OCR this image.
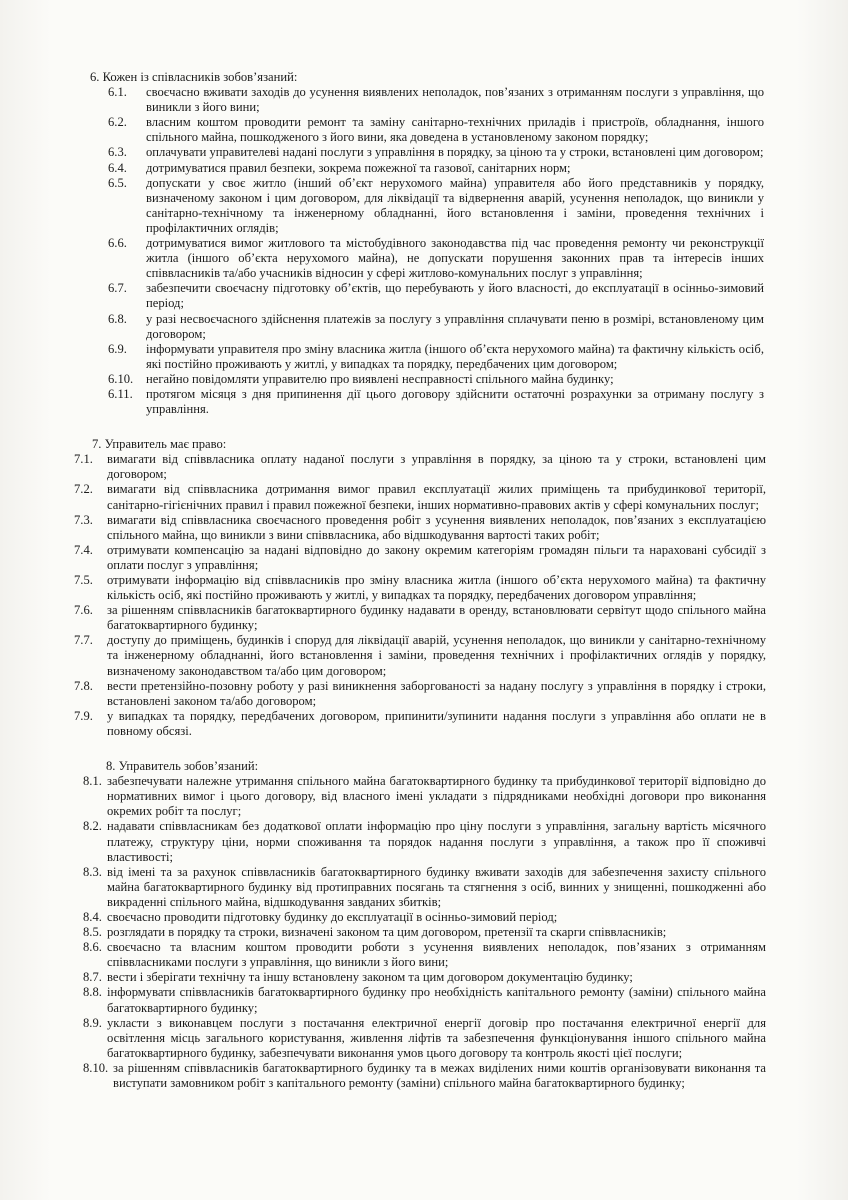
6. Кожен із співласників зобов’язаний:
6.1.	своєчасно вживати заходів до усунення виявлених неполадок, пов’язаних з отриманням послуги з управління, що виникли з його вини;
6.2.	власним коштом проводити ремонт та заміну санітарно-технічних приладів і пристроїв, обладнання, іншого спільного майна, пошкодженого з його вини, яка доведена в установленому законом порядку;
6.3.	оплачувати управителеві надані послуги з управління в порядку, за ціною та у строки, встановлені цим договором;
6.4.	дотримуватися правил безпеки, зокрема пожежної та газової, санітарних норм;
6.5.	допускати у своє житло (інший об’єкт нерухомого майна) управителя або його представників у порядку, визначеному законом і цим договором, для ліквідації та відвернення аварій, усунення неполадок, що виникли у санітарно-технічному та інженерному обладнанні, його встановлення і заміни, проведення технічних і профілактичних оглядів;
6.6.	дотримуватися вимог житлового та містобудівного законодавства під час проведення ремонту чи реконструкції житла (іншого об’єкта нерухомого майна), не допускати порушення законних прав та інтересів інших співвласників та/або учасників відносин у сфері житлово-комунальних послуг з управління;
6.7.	забезпечити своєчасну підготовку об’єктів, що перебувають у його власності, до експлуатації в осінньо-зимовий період;
6.8.	у разі несвоєчасного здійснення платежів за послугу з управління сплачувати пеню в розмірі, встановленому цим договором;
6.9.	інформувати управителя про зміну власника житла (іншого об’єкта нерухомого майна) та фактичну кількість осіб, які постійно проживають у житлі, у випадках та порядку, передбачених цим договором;
6.10.	негайно повідомляти управителю про виявлені несправності спільного майна будинку;
6.11.	протягом місяця з дня припинення дії цього договору здійснити остаточні розрахунки за отриману послугу з управління.
7. Управитель має право:
7.1.	вимагати від співвласника оплату наданої послуги з управління в порядку, за ціною та у строки, встановлені цим договором;
7.2.	вимагати від співвласника дотримання вимог правил експлуатації жилих приміщень та прибудинкової території, санітарно-гігієнічних правил і правил пожежної безпеки, інших нормативно-правових актів у сфері комунальних послуг;
7.3.	вимагати від співвласника своєчасного проведення робіт з усунення виявлених неполадок, пов’язаних з експлуатацією спільного майна, що виникли з вини співвласника, або відшкодування вартості таких робіт;
7.4.	отримувати компенсацію за надані відповідно до закону окремим категоріям громадян пільги та нараховані субсидії з оплати послуг з управління;
7.5.	отримувати інформацію від співвласників про зміну власника житла (іншого об’єкта нерухомого майна) та фактичну кількість осіб, які постійно проживають у житлі, у випадках та порядку, передбачених договором управління;
7.6.	за рішенням співвласників багатоквартирного будинку надавати в оренду, встановлювати сервітут щодо спільного майна багатоквартирного будинку;
7.7.	доступу до приміщень, будинків і споруд для ліквідації аварій, усунення неполадок, що виникли у санітарно-технічному та інженерному обладнанні, його встановлення і заміни, проведення технічних і профілактичних оглядів у порядку, визначеному законодавством та/або цим договором;
7.8.	вести претензійно-позовну роботу у разі виникнення заборгованості за надану послугу з управління в порядку і строки, встановлені законом та/або договором;
7.9.	у випадках та порядку, передбачених договором, припинити/зупинити надання послуги з управління або оплати не в повному обсязі.
8. Управитель зобов’язаний:
8.1. забезпечувати належне утримання спільного майна багатоквартирного будинку та прибудинкової території відповідно до нормативних вимог і цього договору, від власного імені укладати з підрядниками необхідні договори про виконання окремих робіт та послуг;
8.2. надавати співвласникам без додаткової оплати інформацію про ціну послуги з управління, загальну вартість місячного платежу, структуру ціни, норми споживання та порядок надання послуги з управління, а також про її споживчі властивості;
8.3. від імені та за рахунок співвласників багатоквартирного будинку вживати заходів для забезпечення захисту спільного майна багатоквартирного будинку від протиправних посягань та стягнення з осіб, винних у знищенні, пошкодженні або викраденні спільного майна, відшкодування завданих збитків;
8.4. своєчасно проводити підготовку будинку до експлуатації в осінньо-зимовий період;
8.5. розглядати в порядку та строки, визначені законом та цим договором, претензії та скарги співвласників;
8.6. своєчасно та власним коштом проводити роботи з усунення виявлених неполадок, пов’язаних з отриманням співвласниками послуги з управління, що виникли з його вини;
8.7. вести і зберігати технічну та іншу встановлену законом та цим договором документацію будинку;
8.8. інформувати співвласників багатоквартирного будинку про необхідність капітального ремонту (заміни) спільного майна багатоквартирного будинку;
8.9. укласти з виконавцем послуги з постачання електричної енергії договір про постачання електричної енергії для освітлення місць загального користування, живлення ліфтів та забезпечення функціонування іншого спільного майна багатоквартирного будинку, забезпечувати виконання умов цього договору та контроль якості цієї послуги;
8.10. за рішенням співвласників багатоквартирного будинку та в межах виділених ними коштів організовувати виконання та виступати замовником робіт з капітального ремонту (заміни) спільного майна багатоквартирного будинку;
